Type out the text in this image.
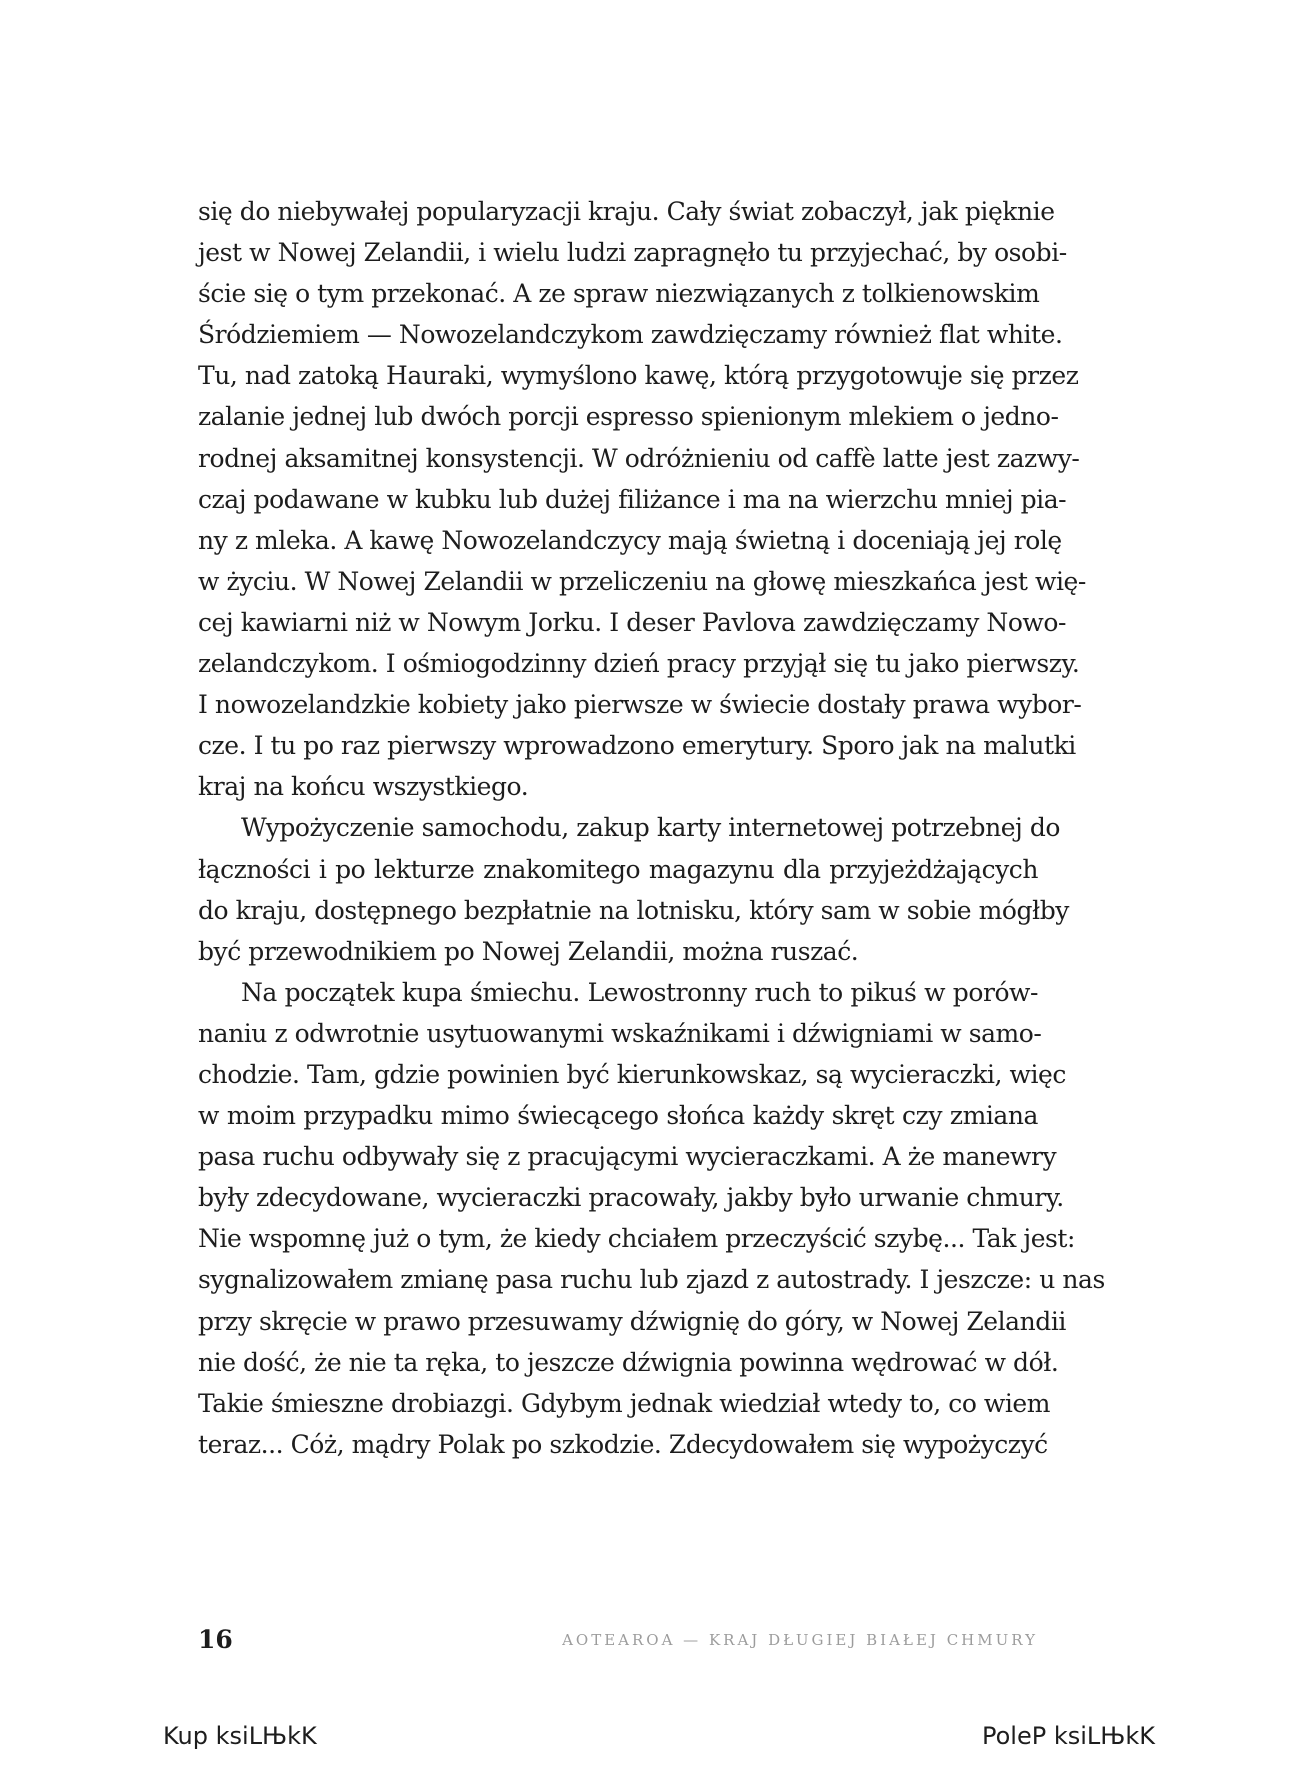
się do niebywałej popularyzacji kraju. Cały świat zobaczył, jak pięknie
jest w Nowej Zelandii, i wielu ludzi zapragnęło tu przyjechać, by osobi-
ście się o tym przekonać. A ze spraw niezwiązanych z tolkienowskim
Śródziemiem — Nowozelandczykom zawdzięczamy również flat white.
Tu, nad zatoką Hauraki, wymyślono kawę, którą przygotowuje się przez
zalanie jednej lub dwóch porcji espresso spienionym mlekiem o jedno-
rodnej aksamitnej konsystencji. W odróżnieniu od caffè latte jest zazwy-
czaj podawane w kubku lub dużej filiżance i ma na wierzchu mniej pia-
ny z mleka. A kawę Nowozelandczycy mają świetną i doceniają jej rolę
w życiu. W Nowej Zelandii w przeliczeniu na głowę mieszkańca jest wię-
cej kawiarni niż w Nowym Jorku. I deser Pavlova zawdzięczamy Nowo-
zelandczykom. I ośmiogodzinny dzień pracy przyjął się tu jako pierwszy.
I nowozelandzkie kobiety jako pierwsze w świecie dostały prawa wybor-
cze. I tu po raz pierwszy wprowadzono emerytury. Sporo jak na malutki
kraj na końcu wszystkiego.
Wypożyczenie samochodu, zakup karty internetowej potrzebnej do
łączności i po lekturze znakomitego magazynu dla przyjeżdżających
do kraju, dostępnego bezpłatnie na lotnisku, który sam w sobie mógłby
być przewodnikiem po Nowej Zelandii, można ruszać.
Na początek kupa śmiechu. Lewostronny ruch to pikuś w porów-
naniu z odwrotnie usytuowanymi wskaźnikami i dźwigniami w samo-
chodzie. Tam, gdzie powinien być kierunkowskaz, są wycieraczki, więc
w moim przypadku mimo świecącego słońca każdy skręt czy zmiana
pasa ruchu odbywały się z pracującymi wycieraczkami. A że manewry
były zdecydowane, wycieraczki pracowały, jakby było urwanie chmury.
Nie wspomnę już o tym, że kiedy chciałem przeczyścić szybę... Tak jest:
sygnalizowałem zmianę pasa ruchu lub zjazd z autostrady. I jeszcze: u nas
przy skręcie w prawo przesuwamy dźwignię do góry, w Nowej Zelandii
nie dość, że nie ta ręka, to jeszcze dźwignia powinna wędrować w dół.
Takie śmieszne drobiazgi. Gdybym jednak wiedział wtedy to, co wiem
teraz... Cóż, mądry Polak po szkodzie. Zdecydowałem się wypożyczyć
16	AOTEAROA — KRAJ DŁUGIEJ BIAŁEJ CHMURY
Kup ksiLЊkK	PoleP ksiLЊkK
